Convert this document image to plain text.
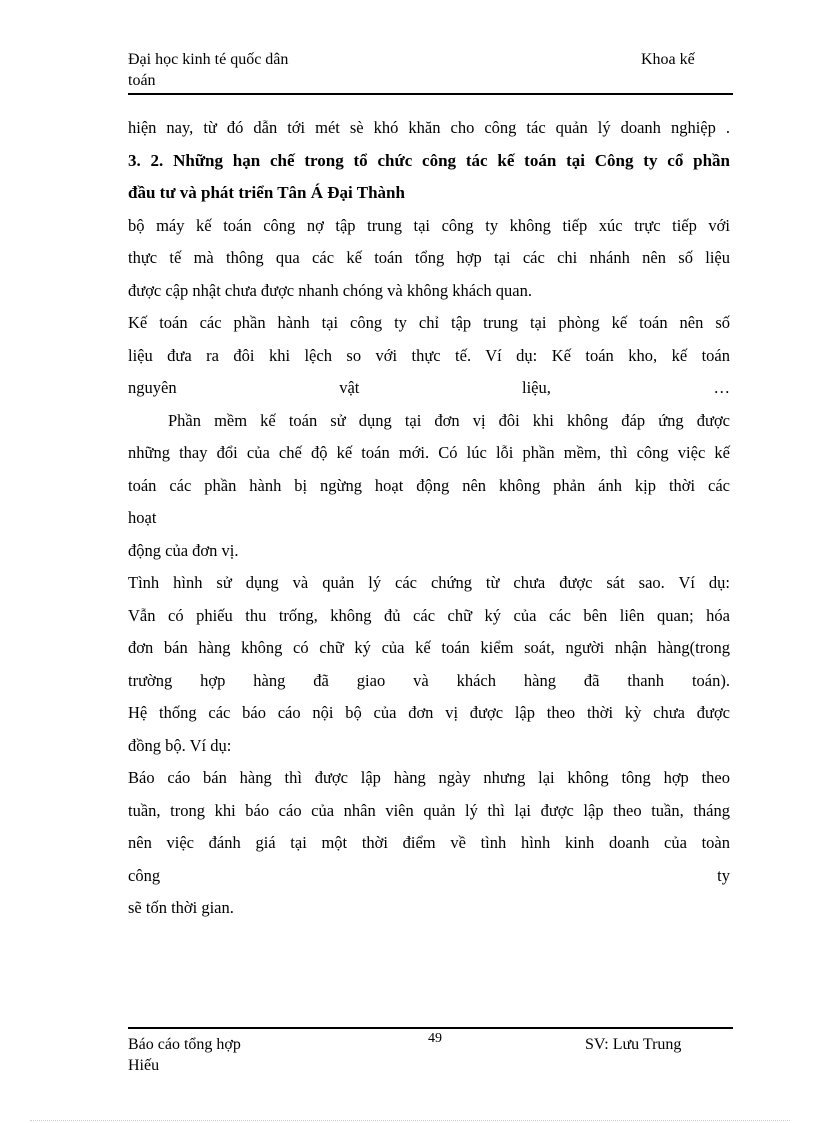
Đại học kinh té quốc dân
toán
Khoa kế

hiện nay, từ đó dẫn tới mét sè khó khăn cho công tác quản lý doanh nghiệp .

3. 2. Những hạn chế trong tổ chức công tác kế toán tại Công ty cổ phần

đầu tư và phát triển Tân Á Đại Thành

bộ máy kế toán công nợ tập trung tại công ty không tiếp xúc trực tiếp với

thực tế mà thông qua các kế toán tổng hợp tại các chi nhánh nên số liệu

được cập nhật chưa được nhanh chóng và không khách quan.

Kế toán các phần hành tại công ty chỉ tập trung tại phòng kế toán nên số

liệu đưa ra đôi khi lệch so với thực tế. Ví dụ: Kế toán kho, kế toán

nguyên vật liệu, …

Phần mềm kế toán sử dụng tại đơn vị đôi khi không đáp ứng được

những thay đổi của chế độ kế toán mới. Có lúc lỗi phần mềm, thì công việc kế

toán các phần hành bị ngừng hoạt động nên không phản ánh kịp thời các

hoạt

động của đơn vị.

Tình hình sử dụng và quản lý các chứng từ chưa được sát sao. Ví dụ:

Vẫn có phiếu thu trống, không đủ các chữ ký của các bên liên quan; hóa

đơn bán hàng không có chữ ký của kế toán kiểm soát, người nhận hàng(trong

trường hợp hàng đã giao và khách hàng đã thanh toán).

Hệ thống các báo cáo nội bộ của đơn vị được lập theo thời kỳ chưa được

đồng bộ. Ví dụ:

Báo cáo bán hàng thì được lập hàng ngày nhưng lại không tông hợp theo

tuần, trong khi báo cáo của nhân viên quản lý thì lại được lập theo tuần, tháng

nên việc đánh giá tại một thời điểm về tình hình kinh doanh của toàn

công ty

sẽ tốn thời gian.

Báo cáo tổng hợp
Hiếu
49	SV: Lưu Trung
